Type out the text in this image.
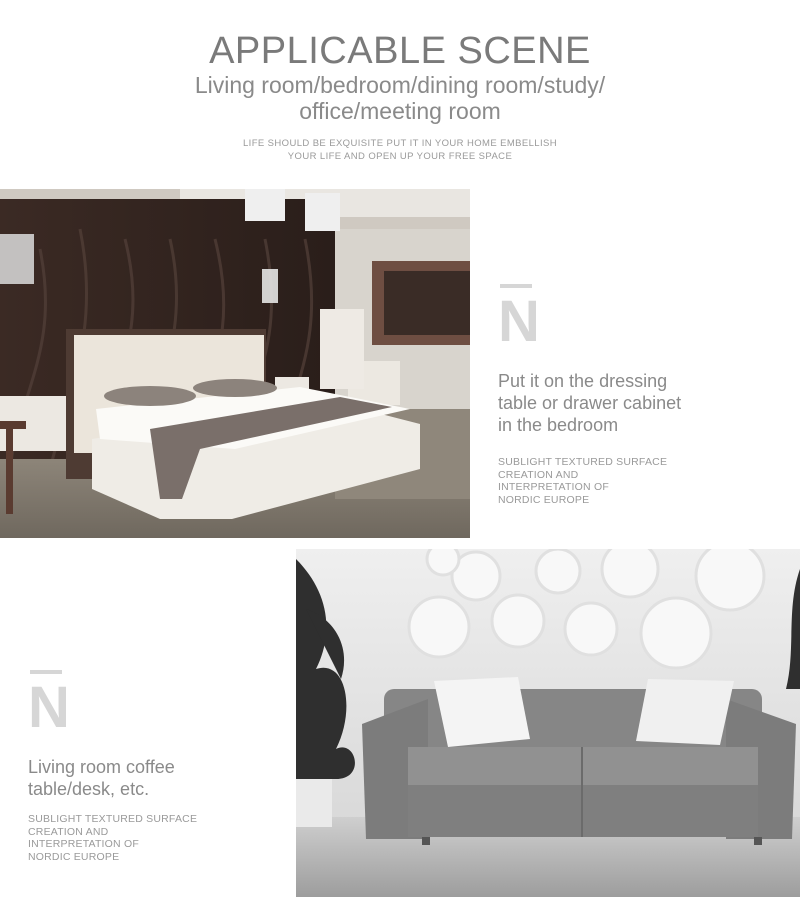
APPLICABLE SCENE
Living room/bedroom/dining room/study/
office/meeting room
LIFE SHOULD BE EXQUISITE PUT IT IN YOUR HOME EMBELLISH
YOUR LIFE AND OPEN UP YOUR FREE SPACE
N
Put it on the dressing
table or drawer cabinet
in the bedroom
SUBLIGHT TEXTURED SURFACE
CREATION AND
INTERPRETATION OF
NORDIC EUROPE
N
Living room coffee
table/desk, etc.
SUBLIGHT TEXTURED SURFACE
CREATION AND
INTERPRETATION OF
NORDIC EUROPE
